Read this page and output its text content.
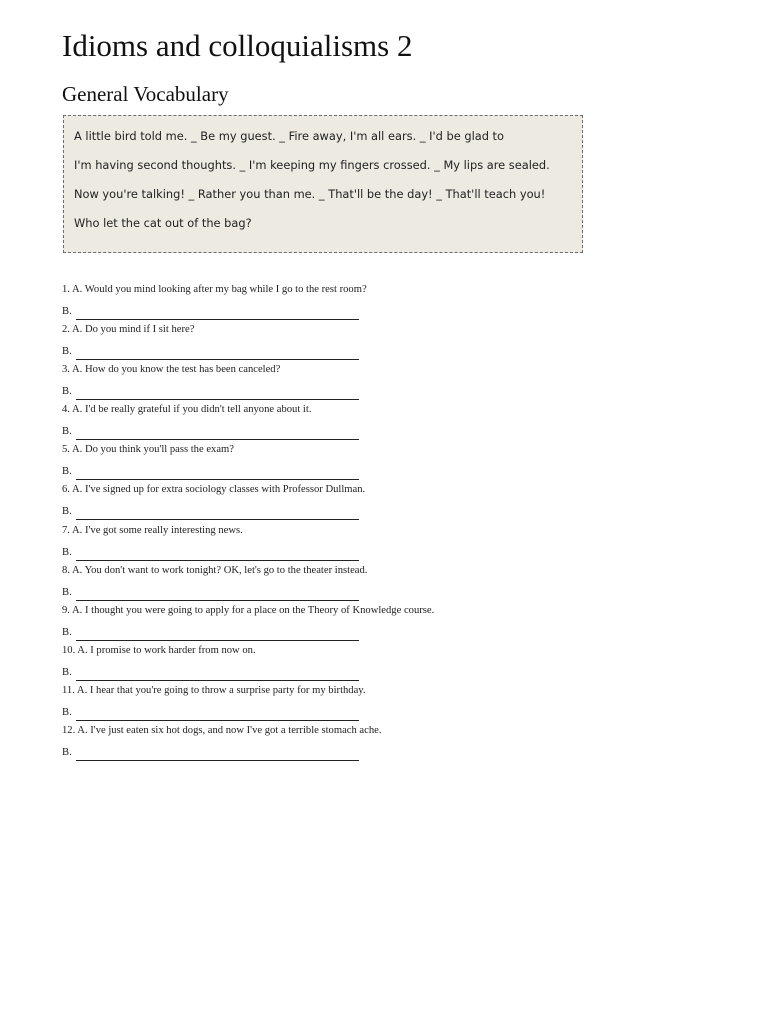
Idioms and colloquialisms 2
General Vocabulary
A little bird told me. _ Be my guest. _ Fire away, I'm all ears. _ I'd be glad to
I'm having second thoughts. _ I'm keeping my fingers crossed. _ My lips are sealed.
Now you're talking! _ Rather you than me. _ That'll be the day! _ That'll teach you!
Who let the cat out of the bag?
1. A. Would you mind looking after my bag while I go to the rest room?
B.
2. A. Do you mind if I sit here?
B.
3. A. How do you know the test has been canceled?
B.
4. A. I'd be really grateful if you didn't tell anyone about it.
B.
5. A. Do you think you'll pass the exam?
B.
6. A. I've signed up for extra sociology classes with Professor Dullman.
B.
7. A. I've got some really interesting news.
B.
8. A. You don't want to work tonight? OK, let's go to the theater instead.
B.
9. A. I thought you were going to apply for a place on the Theory of Knowledge course.
B.
10. A. I promise to work harder from now on.
B.
11. A. I hear that you're going to throw a surprise party for my birthday.
B.
12. A. I've just eaten six hot dogs, and now I've got a terrible stomach ache.
B.
